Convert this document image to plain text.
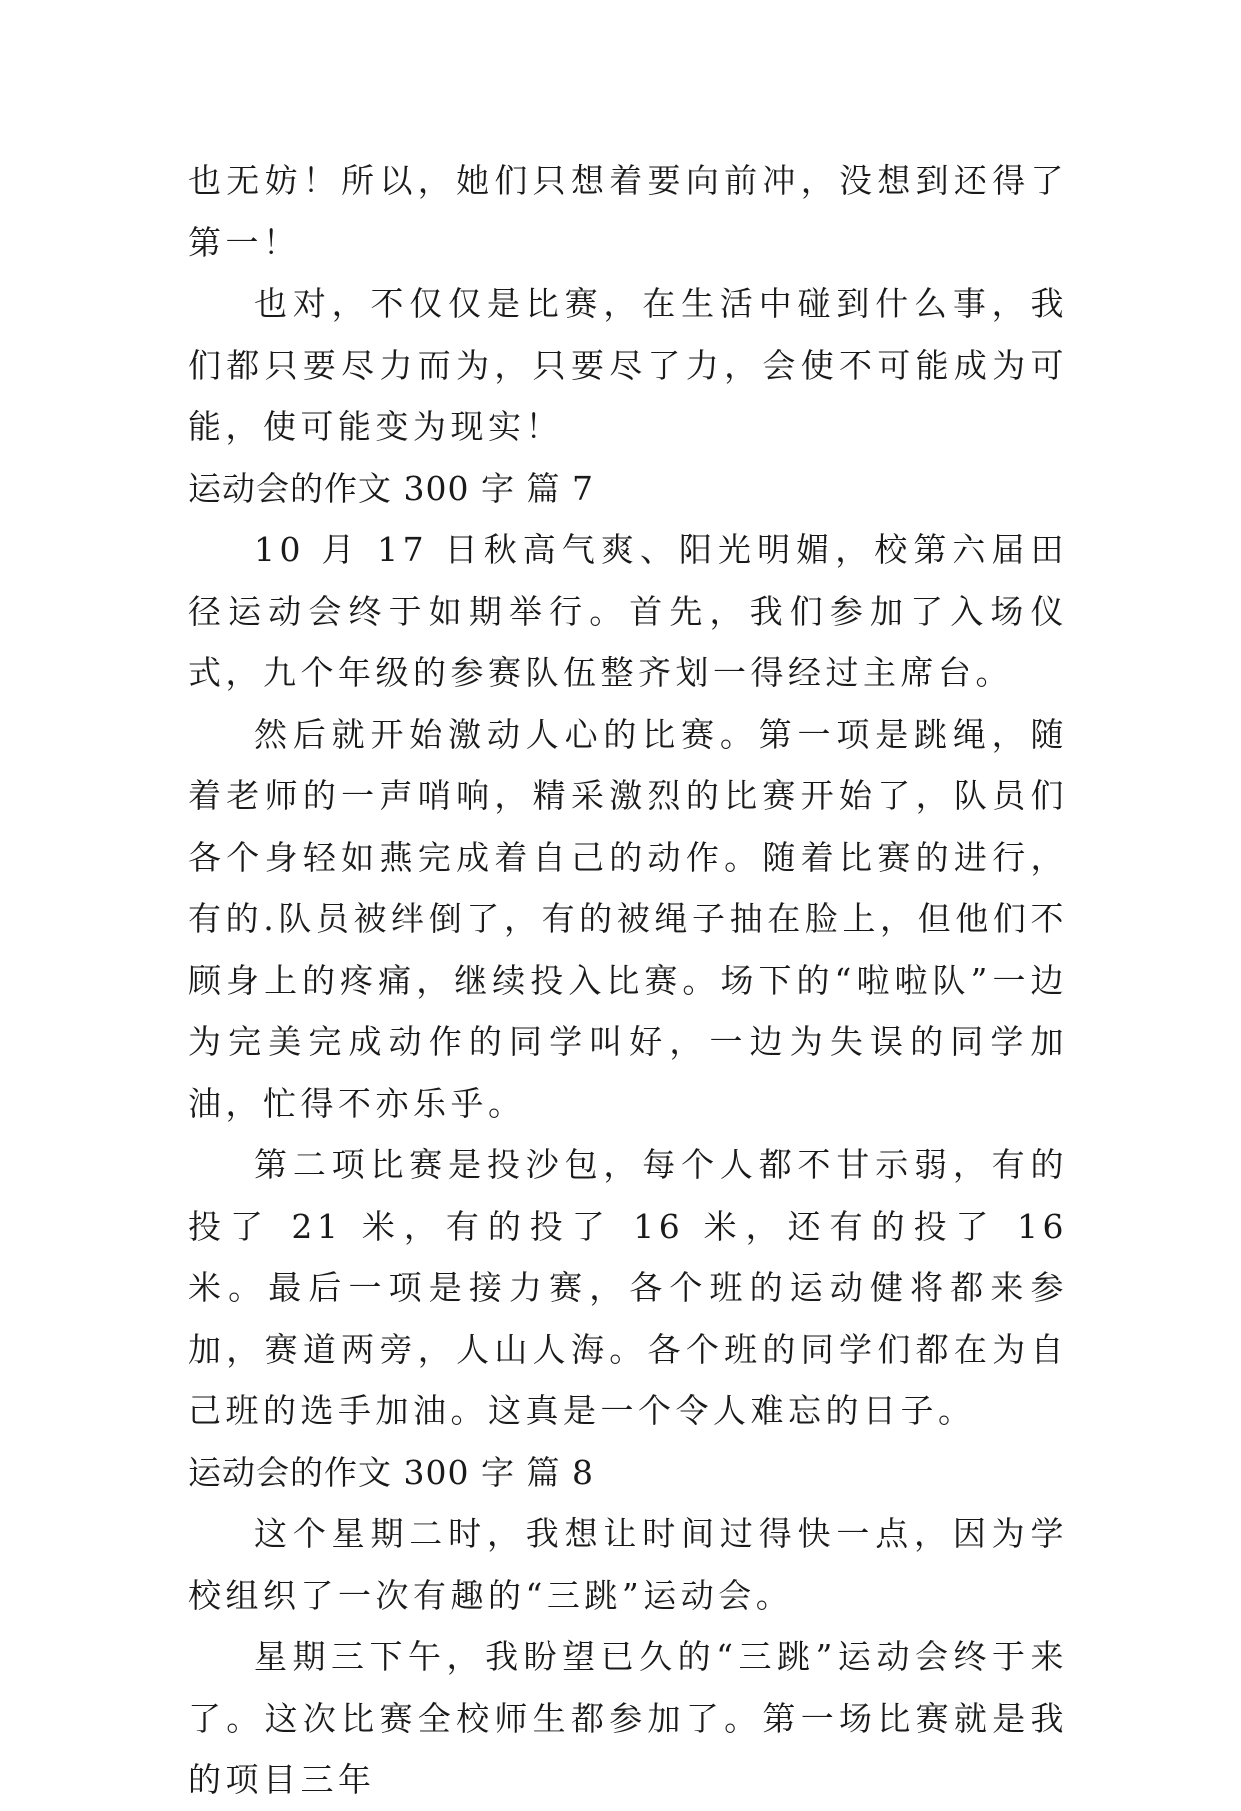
也无妨！所以，她们只想着要向前冲，没想到还得了第一！

也对，不仅仅是比赛，在生活中碰到什么事，我们都只要尽力而为，只要尽了力，会使不可能成为可能，使可能变为现实！

运动会的作文 300 字 篇 7

10 月 17 日秋高气爽、阳光明媚，校第六届田径运动会终于如期举行。首先，我们参加了入场仪式，九个年级的参赛队伍整齐划一得经过主席台。

然后就开始激动人心的比赛。第一项是跳绳，随着老师的一声哨响，精采激烈的比赛开始了，队员们各个身轻如燕完成着自己的动作。随着比赛的进行，有的.队员被绊倒了，有的被绳子抽在脸上，但他们不顾身上的疼痛，继续投入比赛。场下的“啦啦队”一边为完美完成动作的同学叫好，一边为失误的同学加油，忙得不亦乐乎。

第二项比赛是投沙包，每个人都不甘示弱，有的投了 21 米，有的投了 16 米，还有的投了 16 米。最后一项是接力赛，各个班的运动健将都来参加，赛道两旁，人山人海。各个班的同学们都在为自己班的选手加油。这真是一个令人难忘的日子。

运动会的作文 300 字 篇 8

这个星期二时，我想让时间过得快一点，因为学校组织了一次有趣的“三跳”运动会。

星期三下午，我盼望已久的“三跳”运动会终于来了。这次比赛全校师生都参加了。第一场比赛就是我的项目三年
